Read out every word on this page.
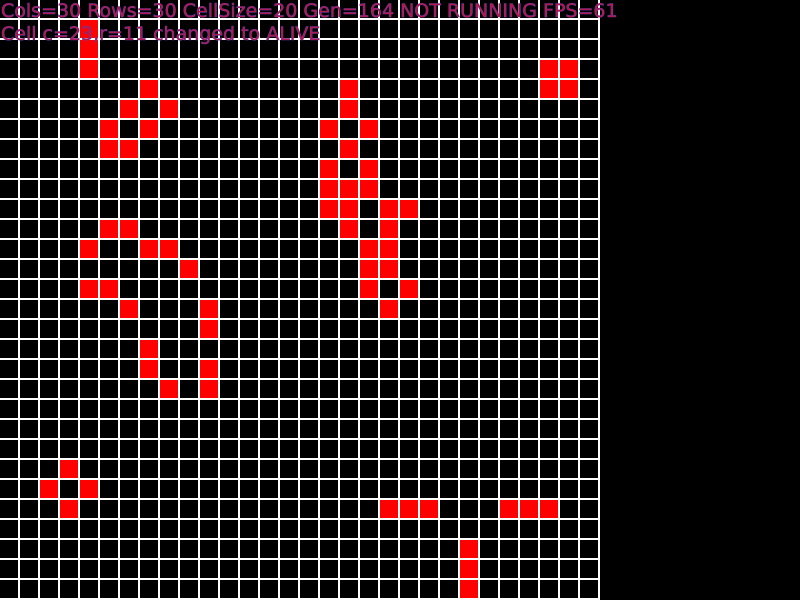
Cols=30 Rows=30 CellSize=20 Gen=164 NOT RUNNING FPS=61
Cell c=23,r=11 changed to ALIVE
